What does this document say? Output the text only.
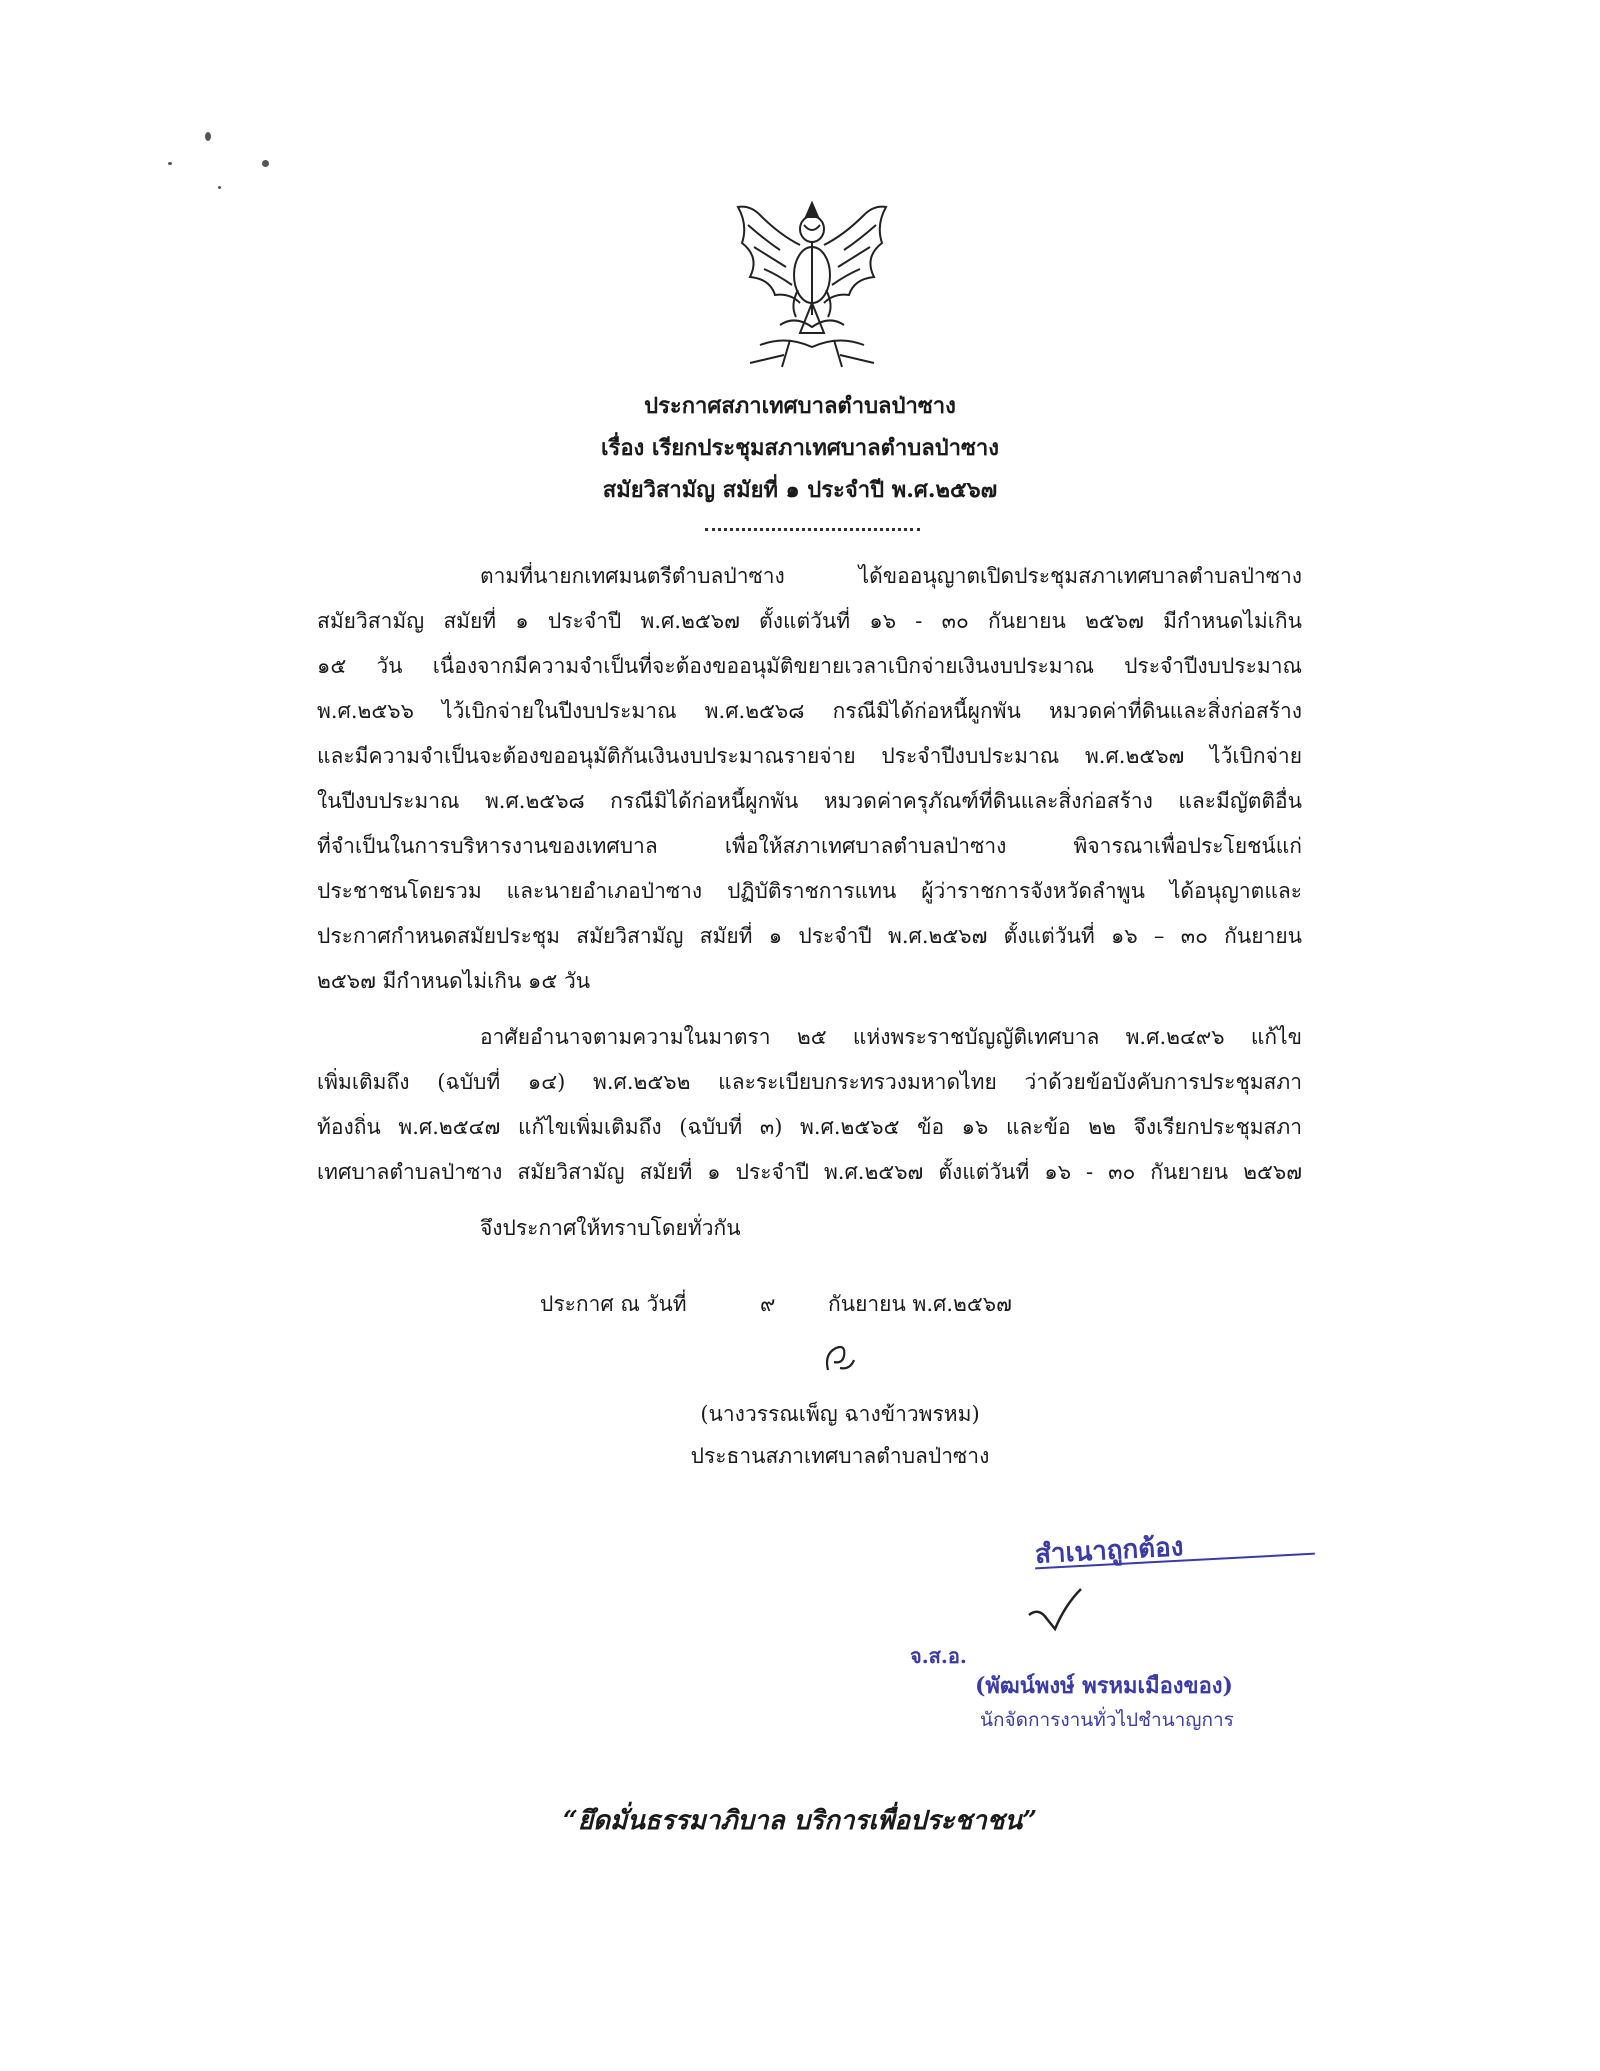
ประกาศสภาเทศบาลตำบลป่าซาง
เรื่อง เรียกประชุมสภาเทศบาลตำบลป่าซาง
สมัยวิสามัญ สมัยที่ ๑ ประจำปี พ.ศ.๒๕๖๗
ตามที่นายกเทศมนตรีตำบลป่าซาง ได้ขออนุญาตเปิดประชุมสภาเทศบาลตำบลป่าซาง
สมัยวิสามัญ สมัยที่ ๑ ประจำปี พ.ศ.๒๕๖๗ ตั้งแต่วันที่ ๑๖ - ๓๐ กันยายน ๒๕๖๗ มีกำหนดไม่เกิน
๑๕ วัน เนื่องจากมีความจำเป็นที่จะต้องขออนุมัติขยายเวลาเบิกจ่ายเงินงบประมาณ ประจำปีงบประมาณ
พ.ศ.๒๕๖๖ ไว้เบิกจ่ายในปีงบประมาณ พ.ศ.๒๕๖๘ กรณีมิได้ก่อหนี้ผูกพัน หมวดค่าที่ดินและสิ่งก่อสร้าง
และมีความจำเป็นจะต้องขออนุมัติกันเงินงบประมาณรายจ่าย ประจำปีงบประมาณ พ.ศ.๒๕๖๗ ไว้เบิกจ่าย
ในปีงบประมาณ พ.ศ.๒๕๖๘ กรณีมิได้ก่อหนี้ผูกพัน หมวดค่าครุภัณฑ์ที่ดินและสิ่งก่อสร้าง และมีญัตติอื่น
ที่จำเป็นในการบริหารงานของเทศบาล เพื่อให้สภาเทศบาลตำบลป่าซาง พิจารณาเพื่อประโยชน์แก่
ประชาชนโดยรวม และนายอำเภอป่าซาง ปฏิบัติราชการแทน ผู้ว่าราชการจังหวัดลำพูน ได้อนุญาตและ
ประกาศกำหนดสมัยประชุม สมัยวิสามัญ สมัยที่ ๑ ประจำปี พ.ศ.๒๕๖๗ ตั้งแต่วันที่ ๑๖ – ๓๐ กันยายน
๒๕๖๗ มีกำหนดไม่เกิน ๑๕ วัน
อาศัยอำนาจตามความในมาตรา ๒๕ แห่งพระราชบัญญัติเทศบาล พ.ศ.๒๔๙๖ แก้ไข
เพิ่มเติมถึง (ฉบับที่ ๑๔) พ.ศ.๒๕๖๒ และระเบียบกระทรวงมหาดไทย ว่าด้วยข้อบังคับการประชุมสภา
ท้องถิ่น พ.ศ.๒๕๔๗ แก้ไขเพิ่มเติมถึง (ฉบับที่ ๓) พ.ศ.๒๕๖๕ ข้อ ๑๖ และข้อ ๒๒ จึงเรียกประชุมสภา
เทศบาลตำบลป่าซาง สมัยวิสามัญ สมัยที่ ๑ ประจำปี พ.ศ.๒๕๖๗ ตั้งแต่วันที่ ๑๖ - ๓๐ กันยายน ๒๕๖๗
จึงประกาศให้ทราบโดยทั่วกัน
ประกาศ ณ วันที่	๙	กันยายน พ.ศ.๒๕๖๗
(นางวรรณเพ็ญ ฉางข้าวพรหม)
ประธานสภาเทศบาลตำบลป่าซาง
สำเนาถูกต้อง
จ.ส.อ.
(พัฒน์พงษ์ พรหมเมืองของ)
นักจัดการงานทั่วไปชำนาญการ
“ยึดมั่นธรรมาภิบาล บริการเพื่อประชาชน”
